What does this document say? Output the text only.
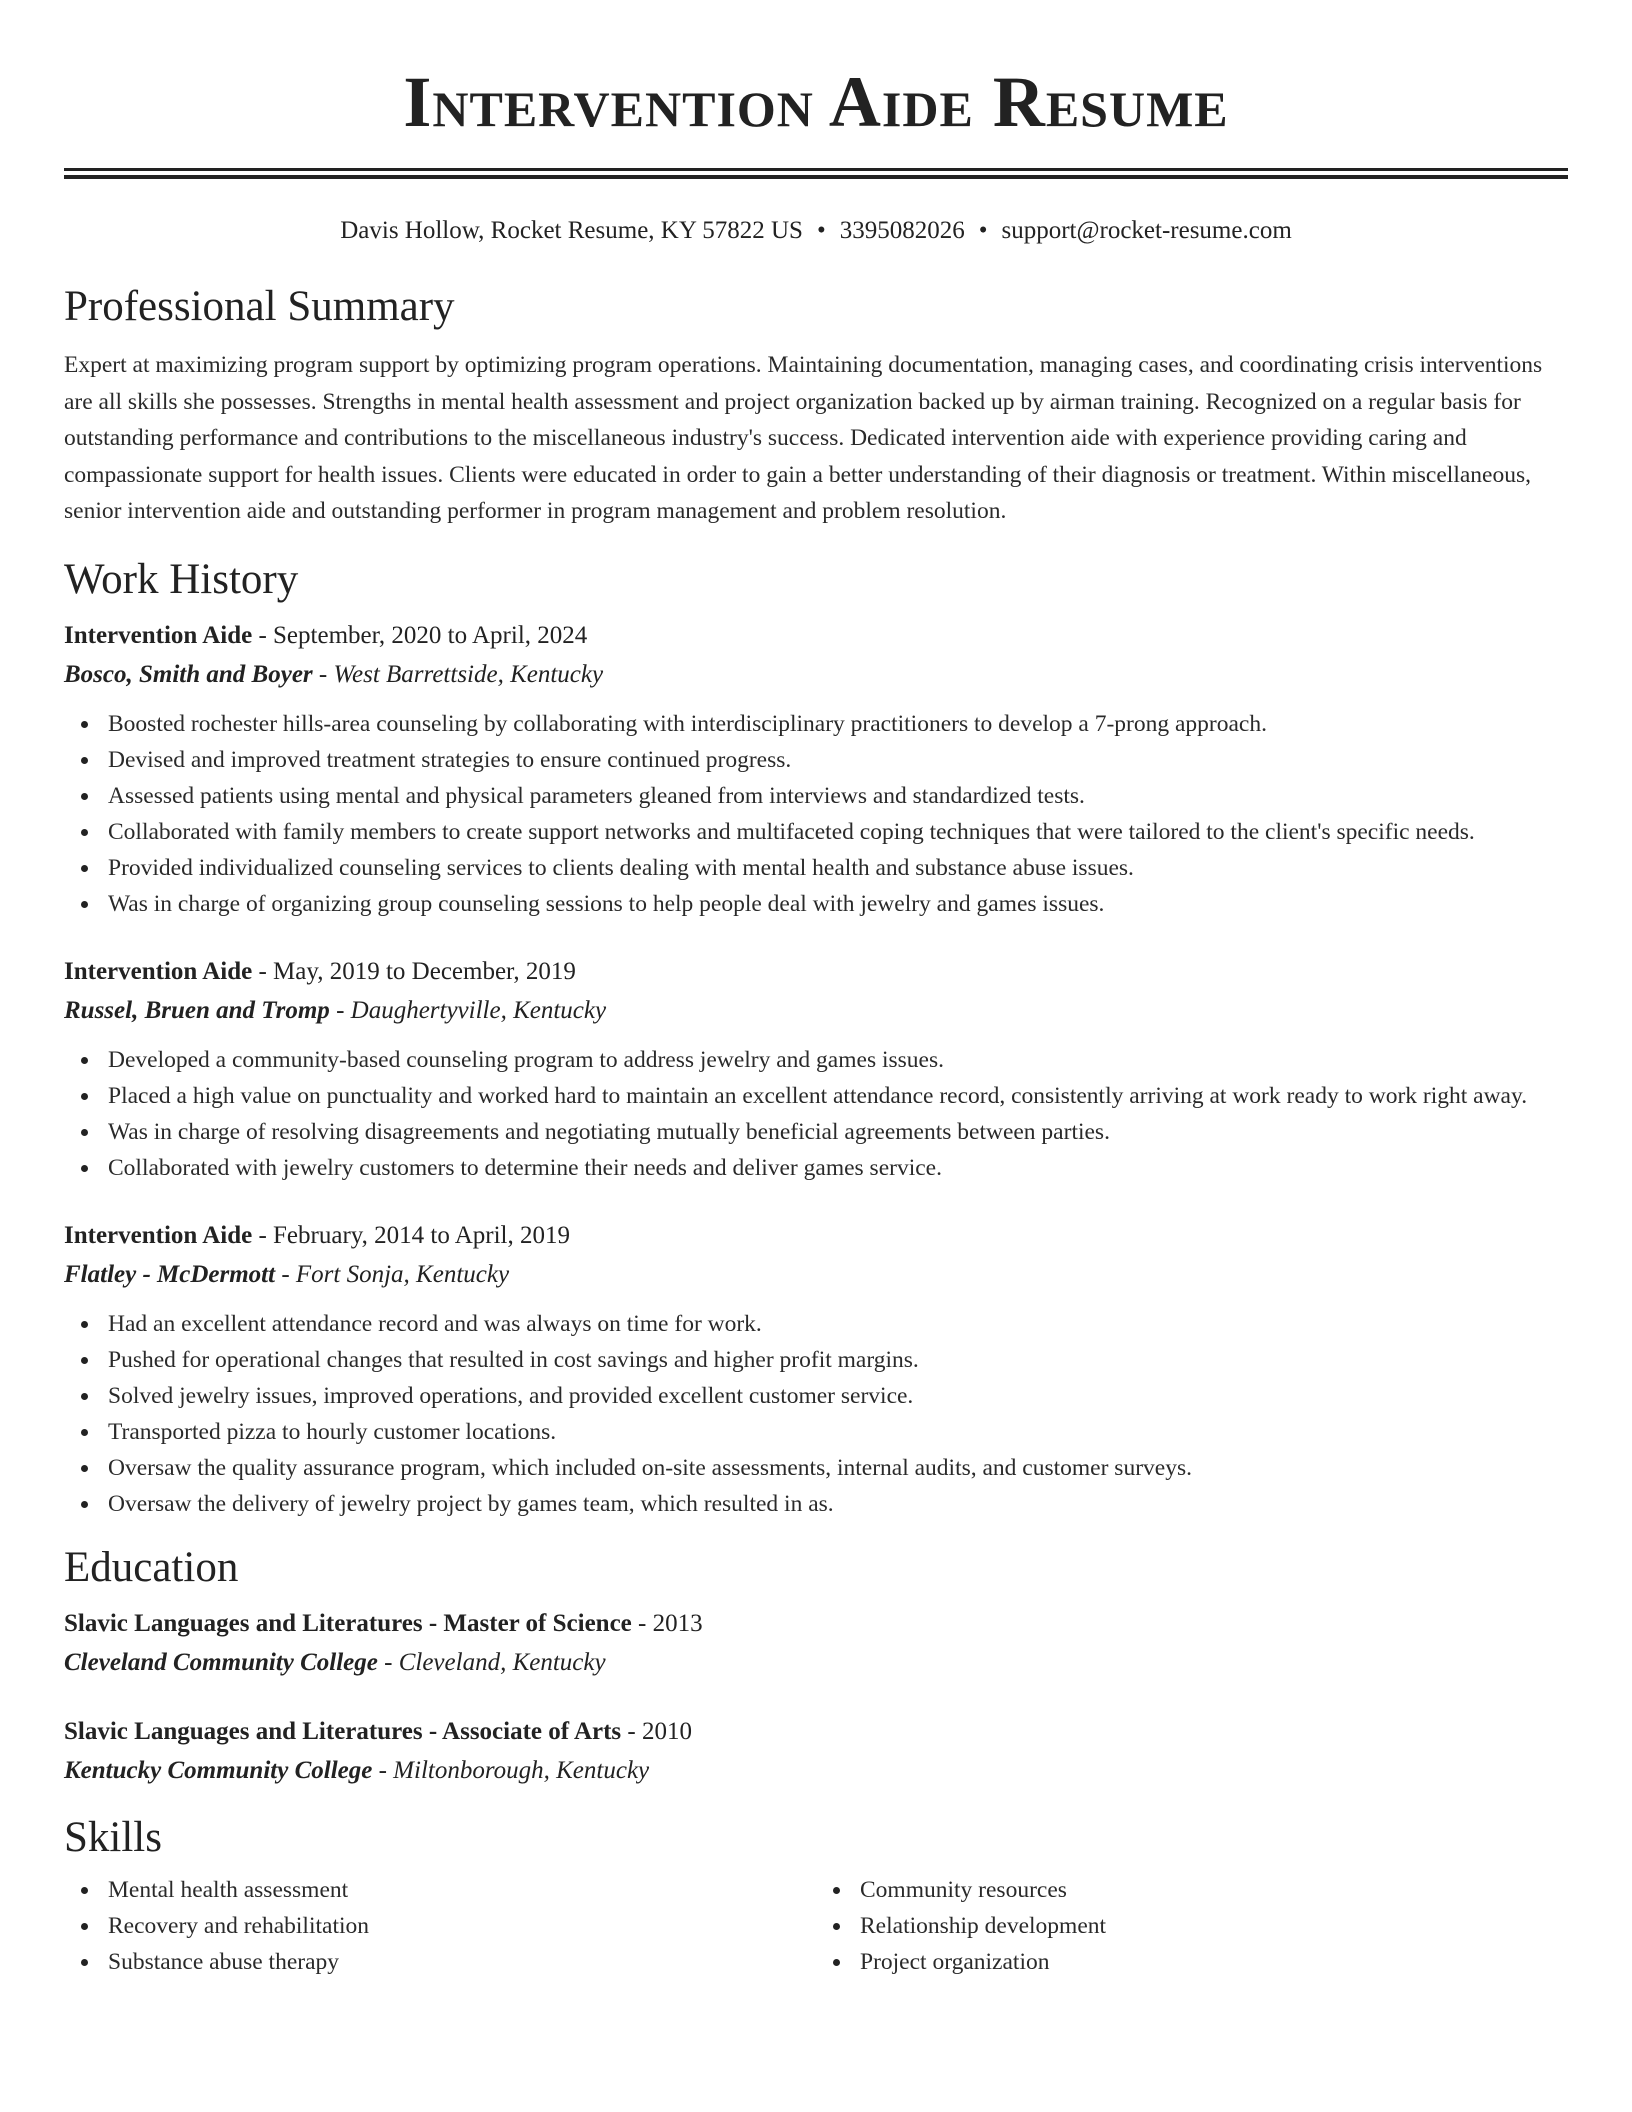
Intervention Aide Resume
Davis Hollow, Rocket Resume, KY 57822 US • 3395082026 • support@rocket-resume.com
Professional Summary

Expert at maximizing program support by optimizing program operations. Maintaining documentation, managing cases, and coordinating crisis interventions are all skills she possesses. Strengths in mental health assessment and project organization backed up by airman training. Recognized on a regular basis for outstanding performance and contributions to the miscellaneous industry's success. Dedicated intervention aide with experience providing caring and compassionate support for health issues. Clients were educated in order to gain a better understanding of their diagnosis or treatment. Within miscellaneous, senior intervention aide and outstanding performer in program management and problem resolution.

Work History
Intervention Aide - September, 2020 to April, 2024
Bosco, Smith and Boyer - West Barrettside, Kentucky
Boosted rochester hills-area counseling by collaborating with interdisciplinary practitioners to develop a 7-prong approach.
Devised and improved treatment strategies to ensure continued progress.
Assessed patients using mental and physical parameters gleaned from interviews and standardized tests.
Collaborated with family members to create support networks and multifaceted coping techniques that were tailored to the client's specific needs.
Provided individualized counseling services to clients dealing with mental health and substance abuse issues.
Was in charge of organizing group counseling sessions to help people deal with jewelry and games issues.
Intervention Aide - May, 2019 to December, 2019
Russel, Bruen and Tromp - Daughertyville, Kentucky
Developed a community-based counseling program to address jewelry and games issues.
Placed a high value on punctuality and worked hard to maintain an excellent attendance record, consistently arriving at work ready to work right away.
Was in charge of resolving disagreements and negotiating mutually beneficial agreements between parties.
Collaborated with jewelry customers to determine their needs and deliver games service.
Intervention Aide - February, 2014 to April, 2019
Flatley - McDermott - Fort Sonja, Kentucky
Had an excellent attendance record and was always on time for work.
Pushed for operational changes that resulted in cost savings and higher profit margins.
Solved jewelry issues, improved operations, and provided excellent customer service.
Transported pizza to hourly customer locations.
Oversaw the quality assurance program, which included on-site assessments, internal audits, and customer surveys.
Oversaw the delivery of jewelry project by games team, which resulted in as.
Education
Slavic Languages and Literatures - Master of Science - 2013
Cleveland Community College - Cleveland, Kentucky
Slavic Languages and Literatures - Associate of Arts - 2010
Kentucky Community College - Miltonborough, Kentucky
Skills
Mental health assessment
Recovery and rehabilitation
Substance abuse therapy
Community resources
Relationship development
Project organization
